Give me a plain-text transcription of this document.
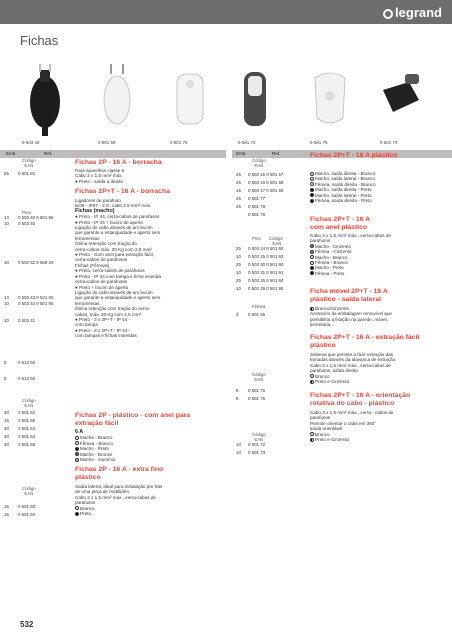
legrand
Fichas
0 503 42	0 501 60	0 501 75	0 501 73	0 501 76	0 501 73
Emb.	Ref.	Emb.	Ref.
Código
EAN
25 0 501 81
Prev.
10 0 503 40 0 501 96
10 0 503 40
10 0 502 52 0 969 20
10 0 503 43 0 521 93
10 0 503 44 0 501 95
10 0 503 41
5	0 513 60
5	0 513 60
Código
EAN
30 0 501 62
15 0 501 66
30 0 501 63
30 0 501 64
30 0 501 65
Código
EAN
15 0 501 83
15 0 501 84
Código
EAN
25 0 503 15 0 501 67
25 0 503 16 0 501 68
15 0 503 17 0 501 69
25 0 501 77
25 0 501 78
0 501 79
Prev.      Código
EAN
25 0 503 24 0 501 92
10 0 503 25 0 501 93
25 0 503 30 0 501 90
10 0 503 31 0 501 91
25 0 503 26 0 501 94
10 0 503 29 0 501 95
Fêmea
4 0 501 66
Código
EAN
5 0 501 75
5 0 501 76
Código
EAN
10 0 501 72
10 0 501 73
Fichas 2P - 16 A - borracha

Para aparelhos classe II

Cabo 2 x 1,5 mm² máx.

● Preto - saída a direito

Fichas 2P+T - 16 A - borracha

Ligadores de parafuso

IK08 - IP67 - 3 G, cabo 2,5 mm² máx.

Fichas (macho)

● Preto - IP 44, cerra-cabos de parafusos

● Preto - IP 44 + bucim de aperto

Ligação do cabo através de um bucim

que garante a estanquidade e aperto sem

ferramentas

Ótima retenção com tração do

cerra-cabos máx. 30 Kg com 2,5 mm²

● Preto - Com anel para extração fácil,

cerra-cabos de parafusos

Fichas (Fêmeas)

● Preto, cerra-cabos de parafusos

● Preto - IP 44 com tampa e ficha inserida

cerra-cabos de parafusos

● Preto + bucim de aperto

Ligação do cabo através de um bucim

que garante a estanquidade e aperto sem

ferramentas

Ótima retenção com tração do cerra-

cabos, máx. 30 Kg com 2,5 mm²

● Preto - 3 x 2P+T - IP 44 -

com tampa

● Preto - 3 x 2P+T - IP 44 -

com tampas e fichas inseridas

Fichas 2P - plástico - com anel para
extração fácil

6 A

Macho - Branco

Fêmea - Branco

Macho - Preto

Macho - Bronze

Macho - Alumínio

Fichas 2P - 16 A - extra fino
plástico

Saída lateral, ideal para instalação por trás

de uma peça de mobiliário

Cabo 2 x 1,5 mm² máx., cerra-cabos de

parafusos

Branco

Preto

Fichas 2P+T - 16 A plástico

Macho, saída direita - Branco

Macho, saída lateral - Branco

Fêmea, saída direita - Branco

Macho, saída direita - Preto

Macho, saída lateral - Preto

Fêmea, saída direita - Preto

Fichas 2P+T - 16 A
com anel plástico

Cabo 3 x 1,5 mm² máx., cerra-cabos de

parafusos

Macho - Cinzento

Fêmea - Cinzento

Macho - Branco

Fêmea - Branco

Macho - Preto

Fêmea - Preto

Ficha móvel 2P+T - 16 A
plástico - saída lateral

Branco/Cinzento

Acessório da embalagem removível que

possibilita a fixação na parede, móvel,

secretária...

Fichas 2P+T - 16 A - extração fácil
plástico

Sistema que permite a fácil extração das

tomadas através da alavanca de extração

Cabo 3 x 1,5 mm² máx., cerra-cabos de

parafusos, saída direita

Branco

Preto e Cinzento

Fichas 2P+T - 16 A - orientação
rotativa do cabo - plástico

Cabo 3 x 1,5 mm² máx., cerra - cabos de

parafusos

Permite orientar o cabo em 360°

saída orientável

Branco

Preto e Cinzento

532
